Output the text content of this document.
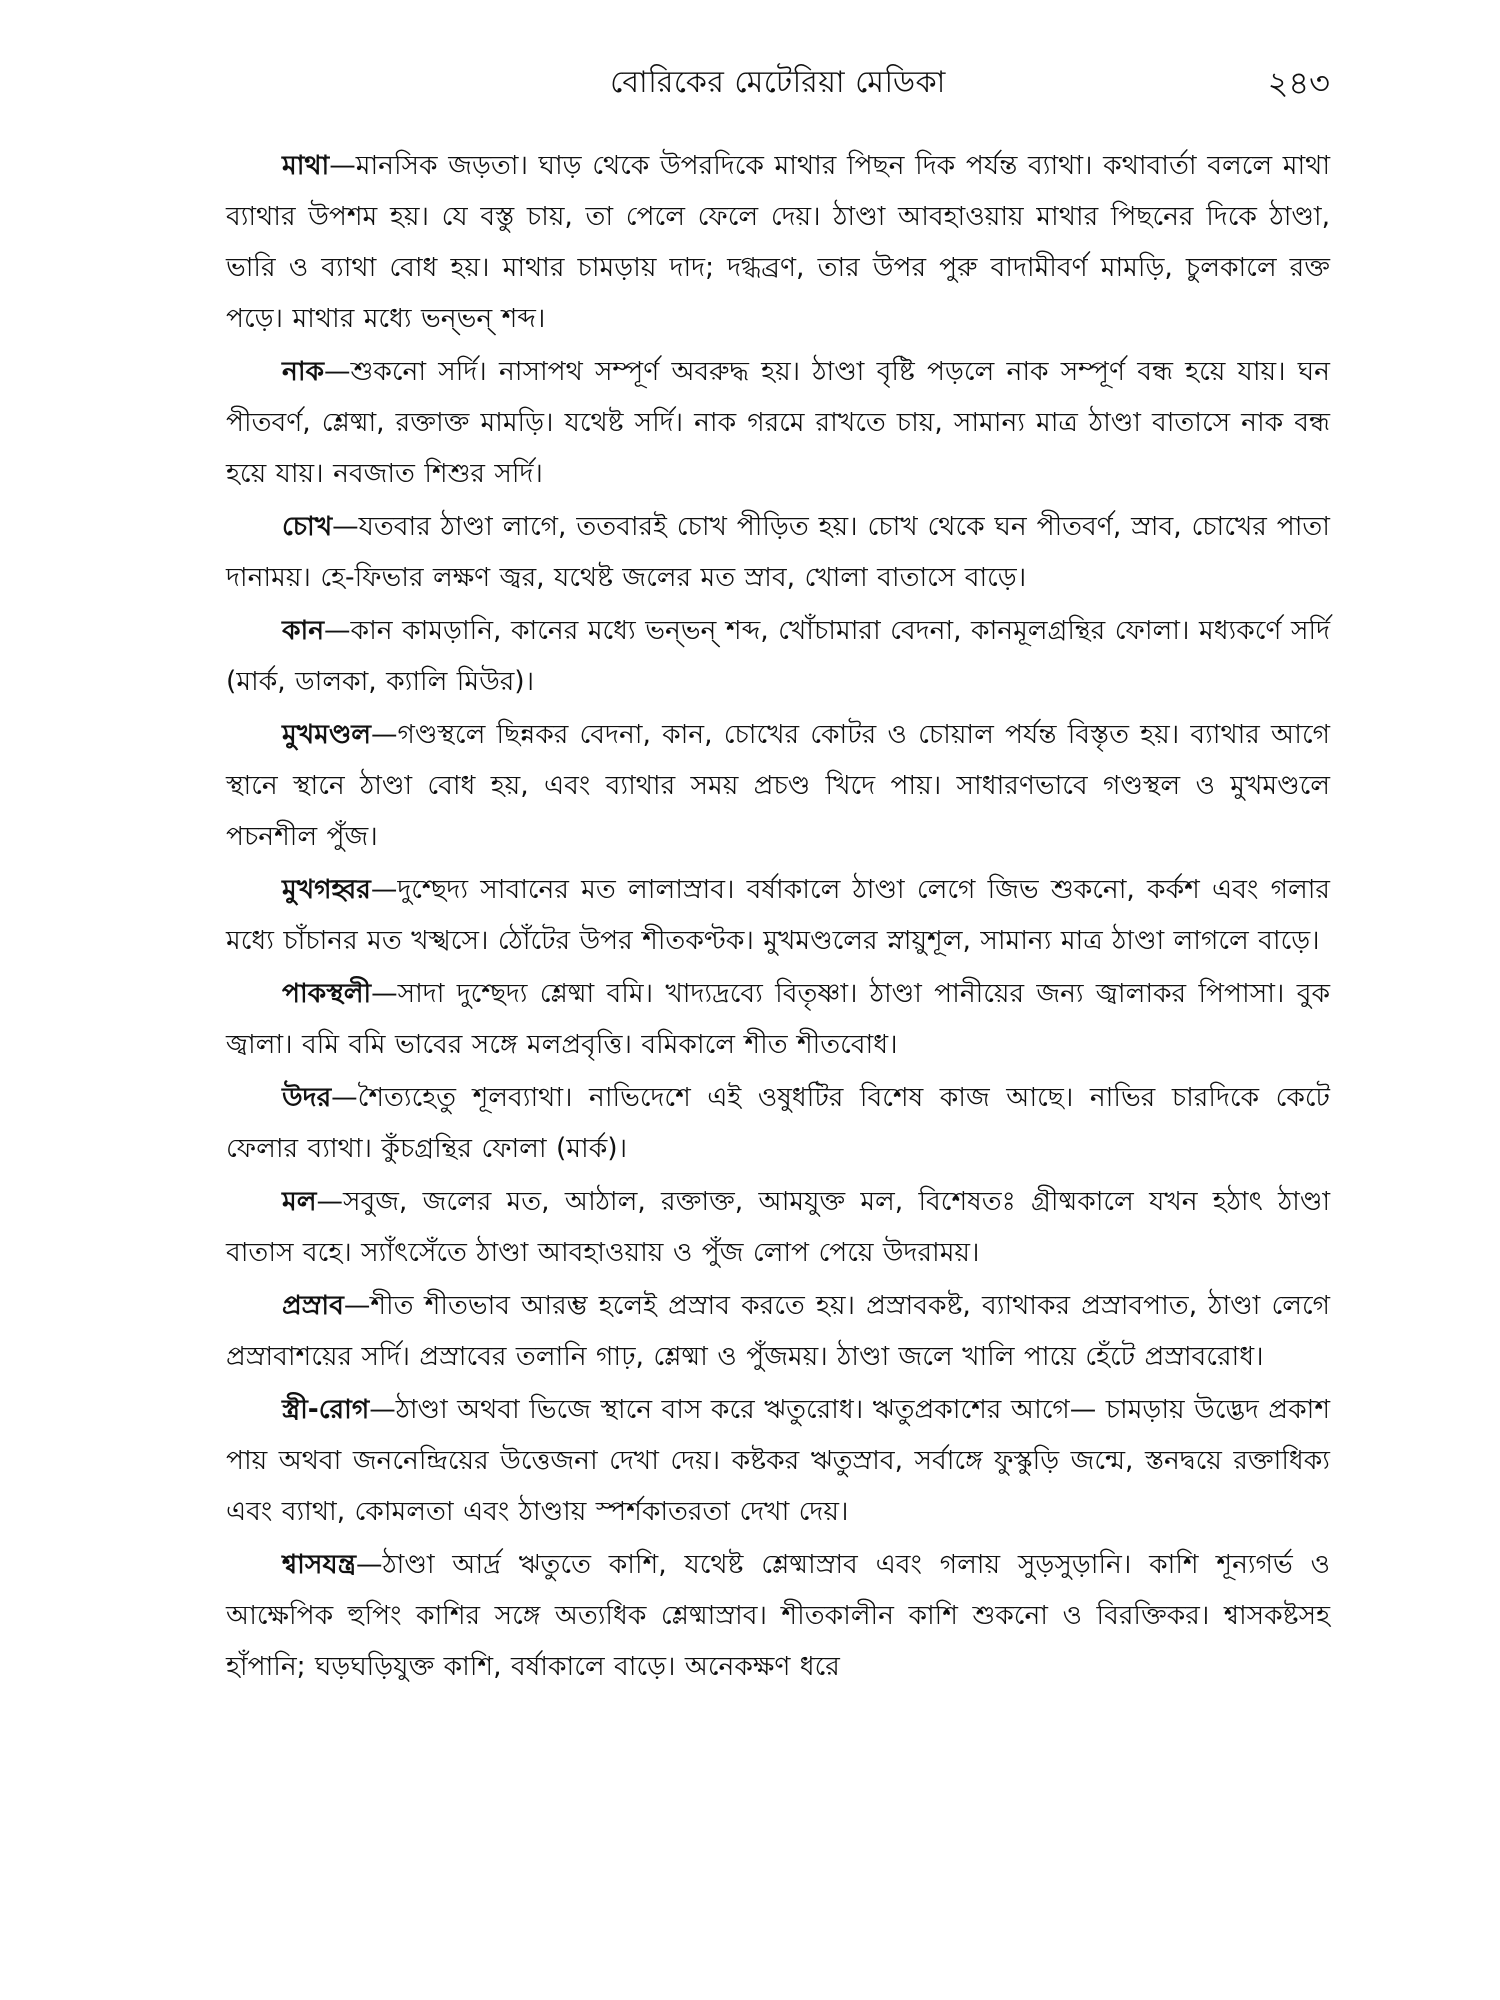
বোরিকের মেটেরিয়া মেডিকা	২৪৩

মাথা—মানসিক জড়তা। ঘাড় থেকে উপরদিকে মাথার পিছন দিক পর্যন্ত ব্যাথা। কথাবার্তা বললে মাথা ব্যাথার উপশম হয়। যে বস্তু চায়, তা পেলে ফেলে দেয়। ঠাণ্ডা আবহাওয়ায় মাথার পিছনের দিকে ঠাণ্ডা, ভারি ও ব্যাথা বোধ হয়। মাথার চামড়ায় দাদ; দগ্ধব্রণ, তার উপর পুরু বাদামীবর্ণ মামড়ি, চুলকালে রক্ত পড়ে। মাথার মধ্যে ভন্ভন্ শব্দ।

নাক—শুকনো সর্দি। নাসাপথ সম্পূর্ণ অবরুদ্ধ হয়। ঠাণ্ডা বৃষ্টি পড়লে নাক সম্পূর্ণ বন্ধ হয়ে যায়। ঘন পীতবর্ণ, শ্লেষ্মা, রক্তাক্ত মামড়ি। যথেষ্ট সর্দি। নাক গরমে রাখতে চায়, সামান্য মাত্র ঠাণ্ডা বাতাসে নাক বন্ধ হয়ে যায়। নবজাত শিশুর সর্দি।

চোখ—যতবার ঠাণ্ডা লাগে, ততবারই চোখ পীড়িত হয়। চোখ থেকে ঘন পীতবর্ণ, স্রাব, চোখের পাতা দানাময়। হে-ফিভার লক্ষণ জ্বর, যথেষ্ট জলের মত স্রাব, খোলা বাতাসে বাড়ে।

কান—কান কামড়ানি, কানের মধ্যে ভন্ভন্ শব্দ, খোঁচামারা বেদনা, কানমূলগ্রন্থির ফোলা। মধ্যকর্ণে সর্দি (মার্ক, ডালকা, ক্যালি মিউর)।

মুখমণ্ডল—গণ্ডস্থলে ছিন্নকর বেদনা, কান, চোখের কোটর ও চোয়াল পর্যন্ত বিস্তৃত হয়। ব্যাথার আগে স্থানে স্থানে ঠাণ্ডা বোধ হয়, এবং ব্যাথার সময় প্রচণ্ড খিদে পায়। সাধারণভাবে গণ্ডস্থল ও মুখমণ্ডলে পচনশীল পুঁজ।

মুখগহ্বর—দুশ্ছেদ্য সাবানের মত লালাস্রাব। বর্ষাকালে ঠাণ্ডা লেগে জিভ শুকনো, কর্কশ এবং গলার মধ্যে চাঁচানর মত খস্খসে। ঠোঁটের উপর শীতকণ্টক। মুখমণ্ডলের স্নায়ুশূল, সামান্য মাত্র ঠাণ্ডা লাগলে বাড়ে।

পাকস্থলী—সাদা দুশ্ছেদ্য শ্লেষ্মা বমি। খাদ্যদ্রব্যে বিতৃষ্ণা। ঠাণ্ডা পানীয়ের জন্য জ্বালাকর পিপাসা। বুক জ্বালা। বমি বমি ভাবের সঙ্গে মলপ্রবৃত্তি। বমিকালে শীত শীতবোধ।

উদর—শৈত্যহেতু শূলব্যাথা। নাভিদেশে এই ওষুধটির বিশেষ কাজ আছে। নাভির চারদিকে কেটে ফেলার ব্যাথা। কুঁচগ্রন্থির ফোলা (মার্ক)।

মল—সবুজ, জলের মত, আঠাল, রক্তাক্ত, আমযুক্ত মল, বিশেষতঃ গ্রীষ্মকালে যখন হঠাৎ ঠাণ্ডা বাতাস বহে। স্যাঁৎসেঁতে ঠাণ্ডা আবহাওয়ায় ও পুঁজ লোপ পেয়ে উদরাময়।

প্রস্রাব—শীত শীতভাব আরম্ভ হলেই প্রস্রাব করতে হয়। প্রস্রাবকষ্ট, ব্যাথাকর প্রস্রাবপাত, ঠাণ্ডা লেগে প্রস্রাবাশয়ের সর্দি। প্রস্রাবের তলানি গাঢ়, শ্লেষ্মা ও পুঁজময়। ঠাণ্ডা জলে খালি পায়ে হেঁটে প্রস্রাবরোধ।

স্ত্রী-রোগ—ঠাণ্ডা অথবা ভিজে স্থানে বাস করে ঋতুরোধ। ঋতুপ্রকাশের আগে— চামড়ায় উদ্ভেদ প্রকাশ পায় অথবা জননেন্দ্রিয়ের উত্তেজনা দেখা দেয়। কষ্টকর ঋতুস্রাব, সর্বাঙ্গে ফুস্কুড়ি জন্মে, স্তনদ্বয়ে রক্তাধিক্য এবং ব্যাথা, কোমলতা এবং ঠাণ্ডায় স্পর্শকাতরতা দেখা দেয়।

শ্বাসযন্ত্র—ঠাণ্ডা আর্দ্র ঋতুতে কাশি, যথেষ্ট শ্লেষ্মাস্রাব এবং গলায় সুড়সুড়ানি। কাশি শূন্যগর্ভ ও আক্ষেপিক হুপিং কাশির সঙ্গে অত্যধিক শ্লেষ্মাস্রাব। শীতকালীন কাশি শুকনো ও বিরক্তিকর। শ্বাসকষ্টসহ হাঁপানি; ঘড়ঘড়িযুক্ত কাশি, বর্ষাকালে বাড়ে। অনেকক্ষণ ধরে
